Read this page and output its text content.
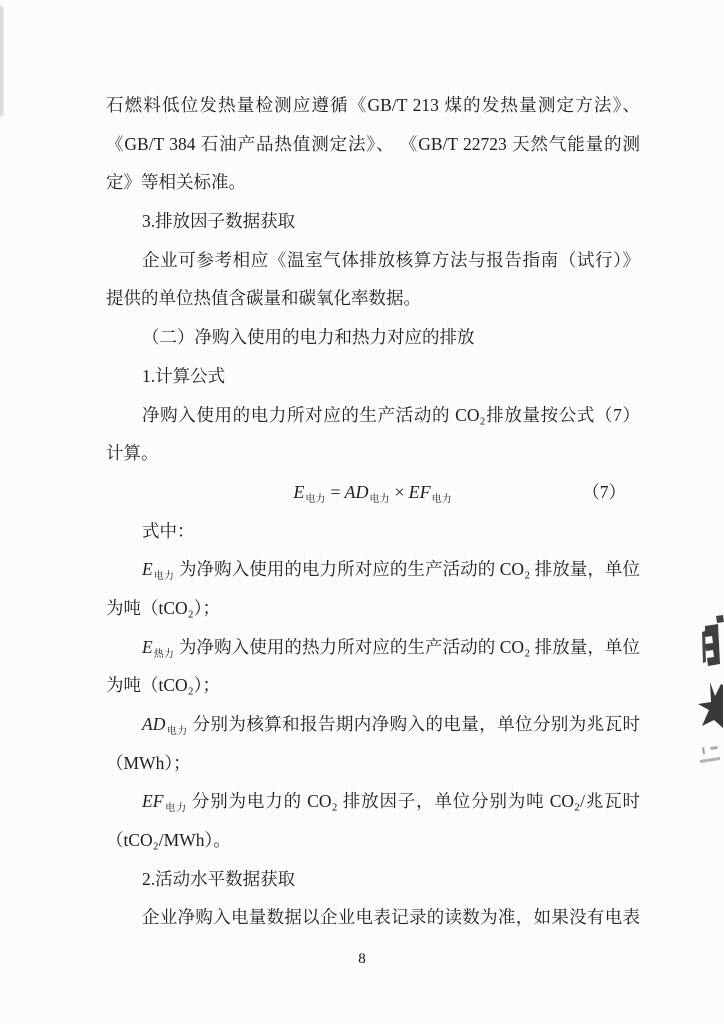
石燃料低位发热量检测应遵循《GB/T 213 煤的发热量测定方法》、
《GB/T 384 石油产品热值测定法》、 《GB/T 22723 天然气能量的测
定》等相关标准。
3.排放因子数据获取
企业可参考相应《温室气体排放核算方法与报告指南（试行）》
提供的单位热值含碳量和碳氧化率数据。
（二）净购入使用的电力和热力对应的排放
1.计算公式
净购入使用的电力所对应的生产活动的 CO₂排放量按公式（7）
计算。
$E_{电力} = AD_{电力} \times EF_{电力}$	（7）
式中：
$E_{电力}$ 为净购入使用的电力所对应的生产活动的 CO₂ 排放量，单位
为吨（tCO₂）；
$E_{热力}$ 为净购入使用的热力所对应的生产活动的 CO₂ 排放量，单位
为吨（tCO₂）；
$AD_{电力}$ 分别为核算和报告期内净购入的电量，单位分别为兆瓦时
（MWh）；
$EF_{电力}$ 分别为电力的 CO₂ 排放因子，单位分别为吨 CO₂/兆瓦时
（tCO₂/MWh）。
2.活动水平数据获取
企业净购入电量数据以企业电表记录的读数为准，如果没有电表
8
